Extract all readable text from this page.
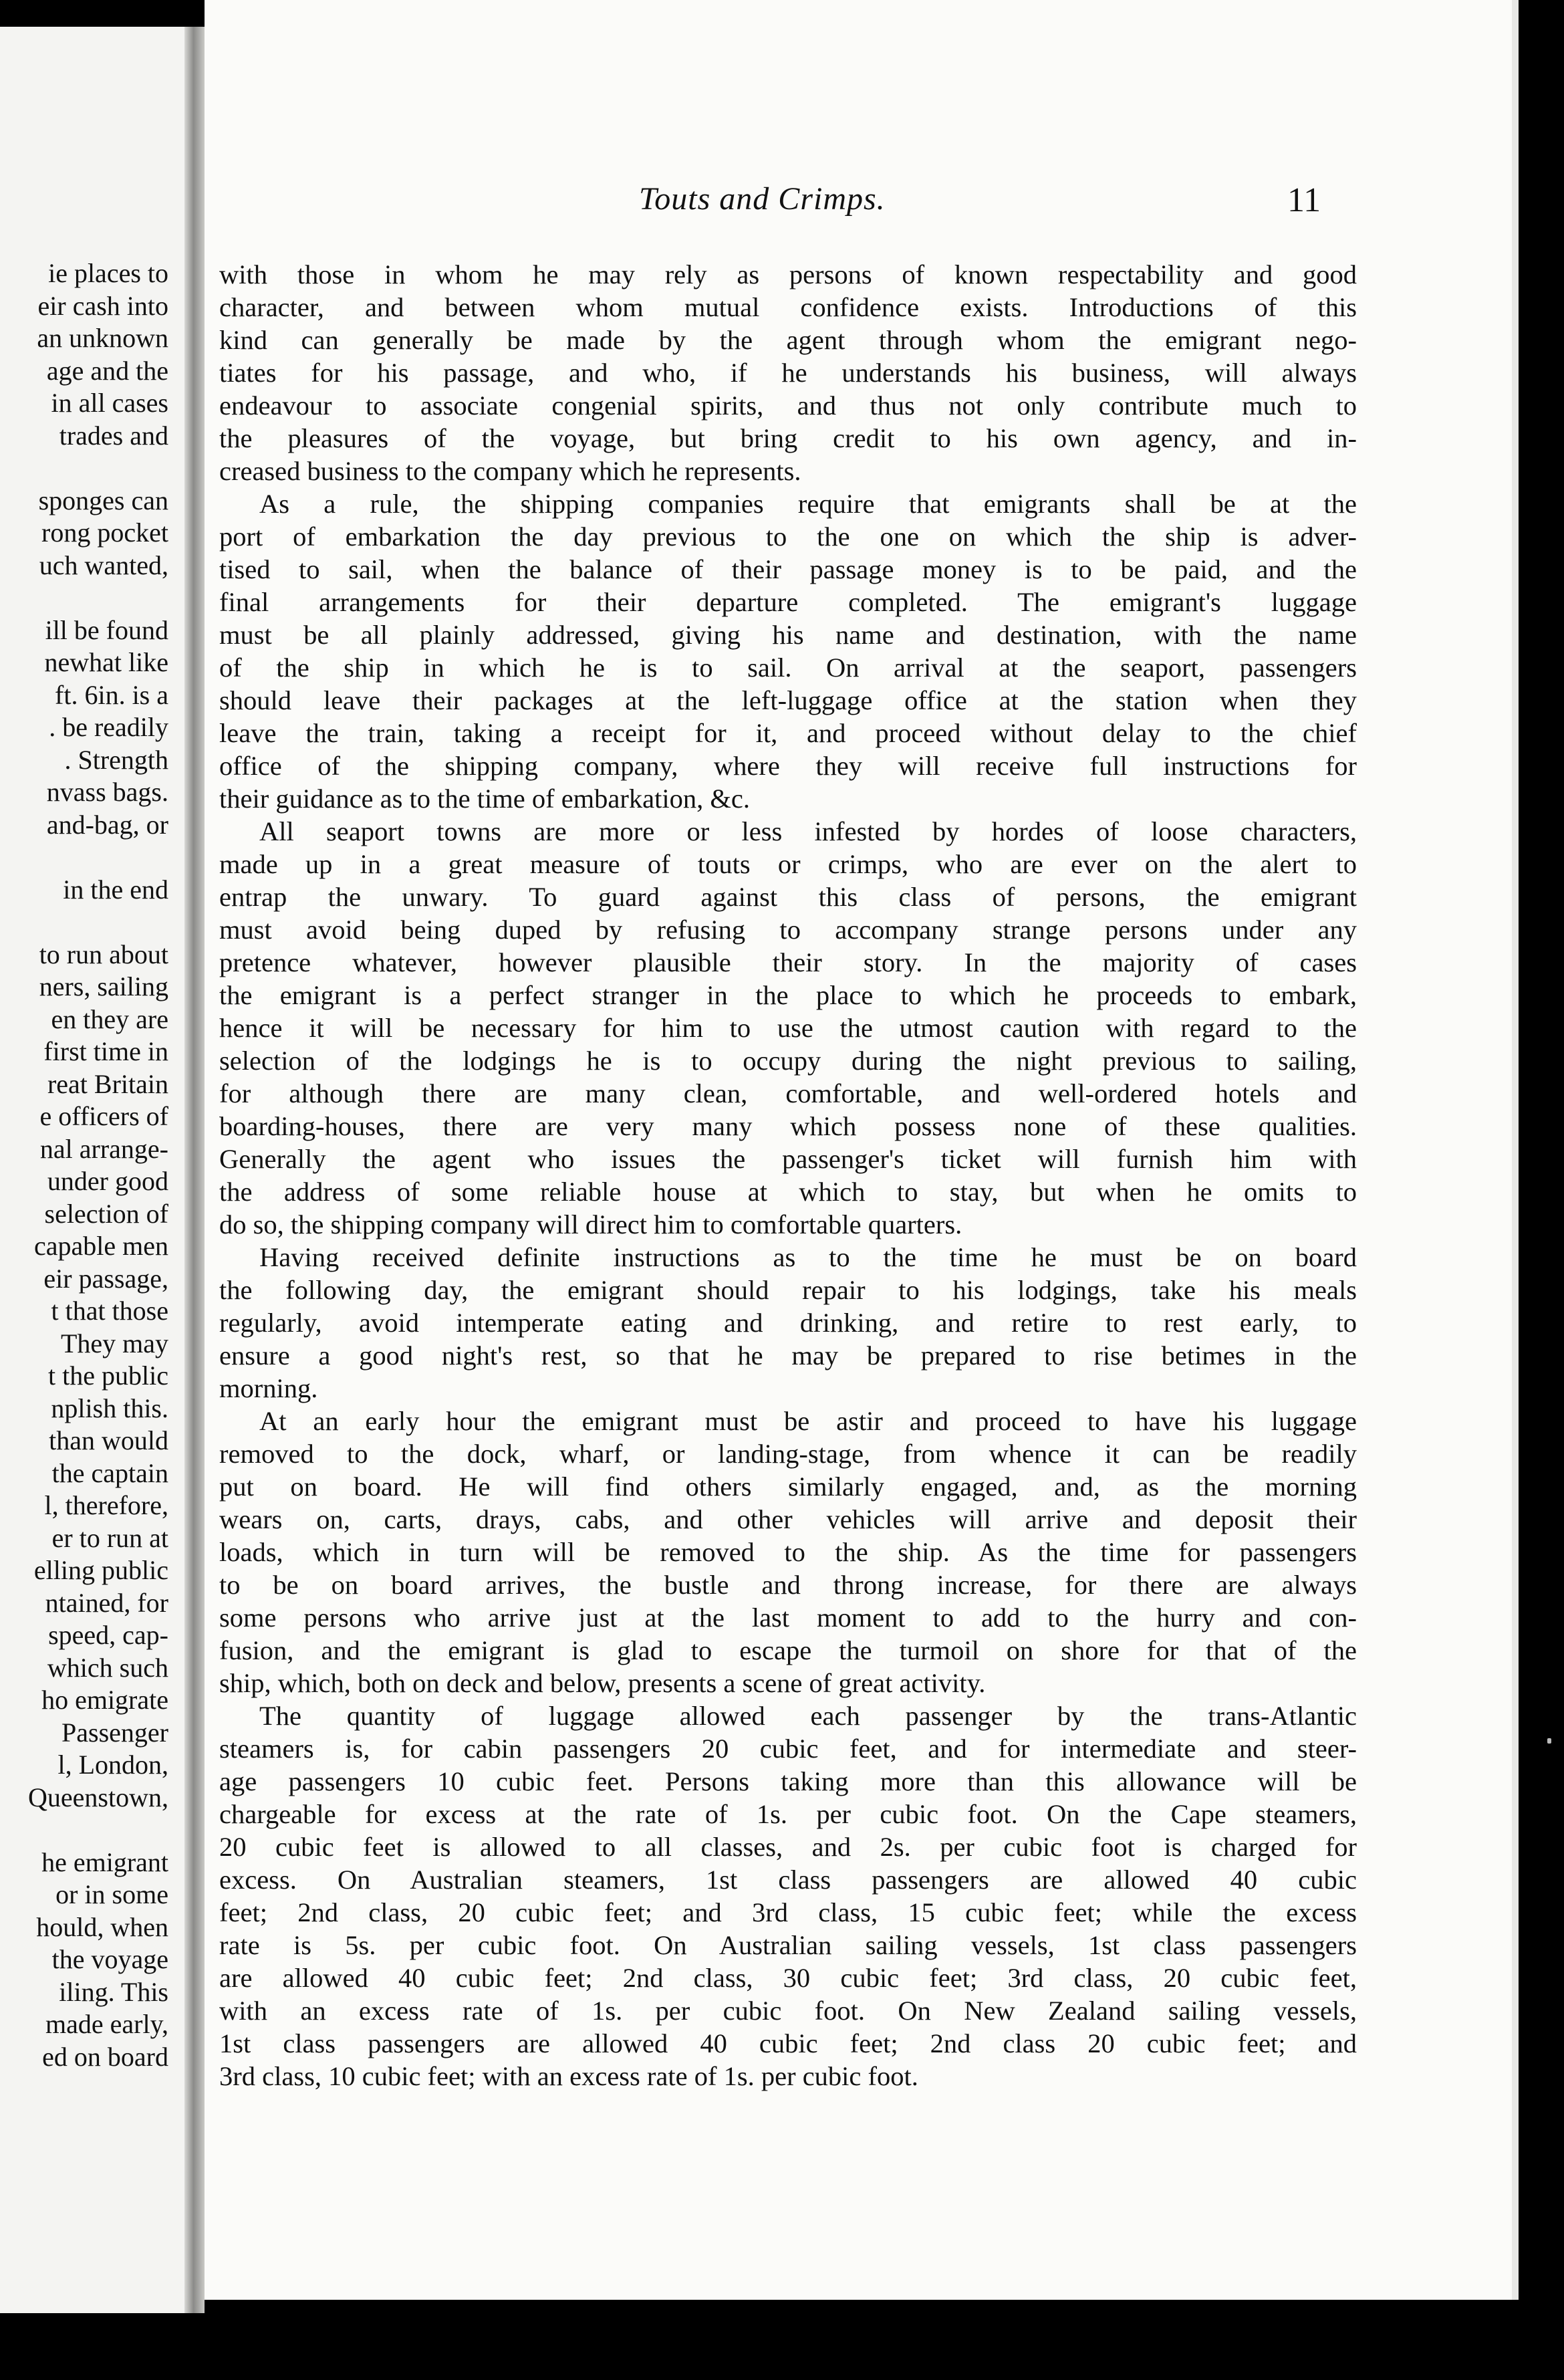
ie places to
eir cash into
an unknown
age and the
in all cases
trades and
sponges can
rong pocket
uch wanted,
ill be found
newhat like
ft. 6in. is a
. be readily
. Strength
nvass bags.
and-bag, or
in the end
to run about
ners, sailing
en they are
first time in
reat Britain
e officers of
nal arrange-
under good
selection of
capable men
eir passage,
t that those
They may
t the public
nplish this.
than would
the captain
l, therefore,
er to run at
elling public
ntained, for
speed, cap-
which such
ho emigrate
Passenger
l, London,
Queenstown,
he emigrant
or in some
hould, when
the voyage
iling. This
made early,
ed on board
Touts and Crimps.	11
with those in whom he may rely as persons of known respectability and good
character, and between whom mutual confidence exists. Introductions of this
kind can generally be made by the agent through whom the emigrant nego-
tiates for his passage, and who, if he understands his business, will always
endeavour to associate congenial spirits, and thus not only contribute much to
the pleasures of the voyage, but bring credit to his own agency, and in-
creased business to the company which he represents.
As a rule, the shipping companies require that emigrants shall be at the
port of embarkation the day previous to the one on which the ship is adver-
tised to sail, when the balance of their passage money is to be paid, and the
final arrangements for their departure completed. The emigrant's luggage
must be all plainly addressed, giving his name and destination, with the name
of the ship in which he is to sail. On arrival at the seaport, passengers
should leave their packages at the left-luggage office at the station when they
leave the train, taking a receipt for it, and proceed without delay to the chief
office of the shipping company, where they will receive full instructions for
their guidance as to the time of embarkation, &c.
All seaport towns are more or less infested by hordes of loose characters,
made up in a great measure of touts or crimps, who are ever on the alert to
entrap the unwary. To guard against this class of persons, the emigrant
must avoid being duped by refusing to accompany strange persons under any
pretence whatever, however plausible their story. In the majority of cases
the emigrant is a perfect stranger in the place to which he proceeds to embark,
hence it will be necessary for him to use the utmost caution with regard to the
selection of the lodgings he is to occupy during the night previous to sailing,
for although there are many clean, comfortable, and well-ordered hotels and
boarding-houses, there are very many which possess none of these qualities.
Generally the agent who issues the passenger's ticket will furnish him with
the address of some reliable house at which to stay, but when he omits to
do so, the shipping company will direct him to comfortable quarters.
Having received definite instructions as to the time he must be on board
the following day, the emigrant should repair to his lodgings, take his meals
regularly, avoid intemperate eating and drinking, and retire to rest early, to
ensure a good night's rest, so that he may be prepared to rise betimes in the
morning.
At an early hour the emigrant must be astir and proceed to have his luggage
removed to the dock, wharf, or landing-stage, from whence it can be readily
put on board. He will find others similarly engaged, and, as the morning
wears on, carts, drays, cabs, and other vehicles will arrive and deposit their
loads, which in turn will be removed to the ship. As the time for passengers
to be on board arrives, the bustle and throng increase, for there are always
some persons who arrive just at the last moment to add to the hurry and con-
fusion, and the emigrant is glad to escape the turmoil on shore for that of the
ship, which, both on deck and below, presents a scene of great activity.
The quantity of luggage allowed each passenger by the trans-Atlantic
steamers is, for cabin passengers 20 cubic feet, and for intermediate and steer-
age passengers 10 cubic feet. Persons taking more than this allowance will be
chargeable for excess at the rate of 1s. per cubic foot. On the Cape steamers,
20 cubic feet is allowed to all classes, and 2s. per cubic foot is charged for
excess. On Australian steamers, 1st class passengers are allowed 40 cubic
feet; 2nd class, 20 cubic feet; and 3rd class, 15 cubic feet; while the excess
rate is 5s. per cubic foot. On Australian sailing vessels, 1st class passengers
are allowed 40 cubic feet; 2nd class, 30 cubic feet; 3rd class, 20 cubic feet,
with an excess rate of 1s. per cubic foot. On New Zealand sailing vessels,
1st class passengers are allowed 40 cubic feet; 2nd class 20 cubic feet; and
3rd class, 10 cubic feet; with an excess rate of 1s. per cubic foot.
